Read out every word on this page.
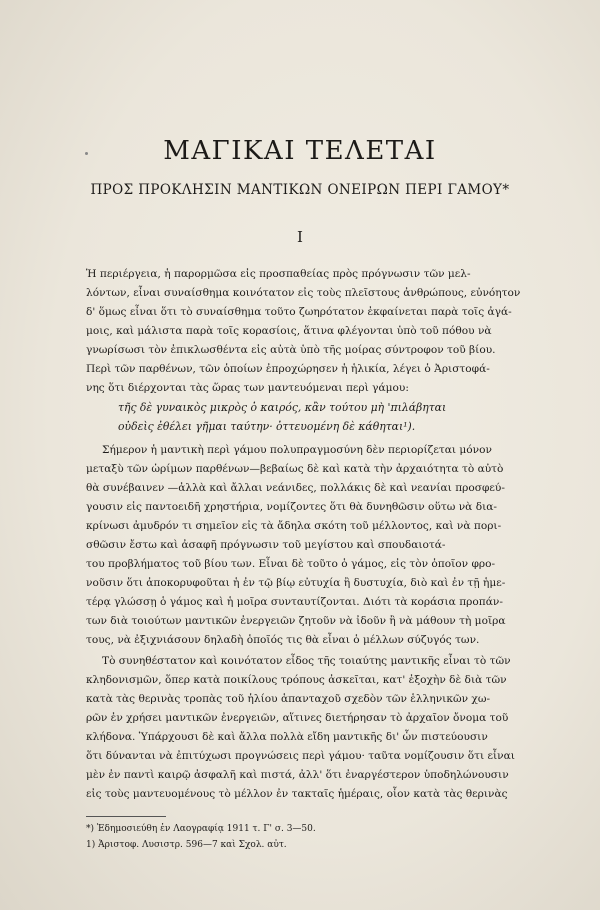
ΜΑΓΙΚΑΙ ΤΕΛΕΤΑΙ
ΠΡΟΣ ΠΡΟΚΛΗΣΙΝ ΜΑΝΤΙΚΩΝ ΟΝΕΙΡΩΝ ΠΕΡΙ ΓΑΜΟΥ*
I
Ἡ περιέργεια, ἡ παρορμῶσα εἰς προσπαθείας πρὸς πρόγνωσιν τῶν μελ-
λόντων, εἶναι συναίσθημα κοινότατον εἰς τοὺς πλεῖστους ἀνθρώπους, εὐνόητον
δ' ὅμως εἶναι ὅτι τὸ συναίσθημα τοῦτο ζωηρότατον ἐκφαίνεται παρὰ τοῖς ἀγά-
μοις, καὶ μάλιστα παρὰ τοῖς κορασίοις, ἅτινα φλέγονται ὑπὸ τοῦ πόθου νὰ
γνωρίσωσι τὸν ἐπικλωσθέντα εἰς αὐτὰ ὑπὸ τῆς μοίρας σύντροφον τοῦ βίου.
Περὶ τῶν παρθένων, τῶν ὁποίων ἐπροχώρησεν ἡ ἡλικία, λέγει ὁ Ἀριστοφά-
νης ὅτι διέρχονται τὰς ὥρας των μαντευόμεναι περὶ γάμου:
τῆς δὲ γυναικὸς μικρὸς ὁ καιρός, κἂν τούτου μὴ 'πιλάβηται
οὐδεὶς ἐθέλει γῆμαι ταύτην· ὀττευομένη δὲ κάθηται¹).
Σήμερον ἡ μαντικὴ περὶ γάμου πολυπραγμοσύνη δὲν περιορίζεται μόνον
μεταξὺ τῶν ὡρίμων παρθένων—βεβαίως δὲ καὶ κατὰ τὴν ἀρχαιότητα τὸ αὐτὸ
θὰ συνέβαινεν —ἀλλὰ καὶ ἄλλαι νεάνιδες, πολλάκις δὲ καὶ νεανίαι προσφεύ-
γουσιν εἰς παντοειδῆ χρηστήρια, νομίζοντες ὅτι θὰ δυνηθῶσιν οὕτω νὰ δια-
κρίνωσι ἀμυδρόν τι σημεῖον εἰς τὰ ἄδηλα σκότη τοῦ μέλλοντος, καὶ νὰ πορι-
σθῶσιν ἔστω καὶ ἀσαφῆ πρόγνωσιν τοῦ μεγίστου καὶ σπουδαιοτά-
του προβλήματος τοῦ βίου των. Εἶναι δὲ τοῦτο ὁ γάμος, εἰς τὸν ὁποῖον φρο-
νοῦσιν ὅτι ἀποκορυφοῦται ἡ ἐν τῷ βίῳ εὐτυχία ἢ δυστυχία, διὸ καὶ ἐν τῇ ἡμε-
τέρᾳ γλώσσῃ ὁ γάμος καὶ ἡ μοῖρα συνταυτίζονται. Διότι τὰ κοράσια προπάν-
των διὰ τοιούτων μαντικῶν ἐνεργειῶν ζητοῦν νὰ ἰδοῦν ἢ νὰ μάθουν τὴ μοῖρα
τους, νὰ ἐξιχνιάσουν δηλαδὴ ὁποῖός τις θὰ εἶναι ὁ μέλλων σύζυγός των.
Τὸ συνηθέστατον καὶ κοινότατον εἶδος τῆς τοιαύτης μαντικῆς εἶναι τὸ τῶν
κληδονισμῶν, ὅπερ κατὰ ποικίλους τρόπους ἀσκεῖται, κατ' ἐξοχὴν δὲ διὰ τῶν
κατὰ τὰς θερινὰς τροπὰς τοῦ ἡλίου ἁπανταχοῦ σχεδὸν τῶν ἑλληνικῶν χω-
ρῶν ἐν χρήσει μαντικῶν ἐνεργειῶν, αἵτινες διετήρησαν τὸ ἀρχαῖον ὄνομα τοῦ
κλήδονα. Ὑπάρχουσι δὲ καὶ ἄλλα πολλὰ εἴδη μαντικῆς δι' ὧν πιστεύουσιν
ὅτι δύνανται νὰ ἐπιτύχωσι προγνώσεις περὶ γάμου· ταῦτα νομίζουσιν ὅτι εἶναι
μὲν ἐν παντὶ καιρῷ ἀσφαλῆ καὶ πιστά, ἀλλ' ὅτι ἐναργέστερον ὑποδηλώνουσιν
εἰς τοὺς μαντευομένους τὸ μέλλον ἐν τακταῖς ἡμέραις, οἷον κατὰ τὰς θερινὰς
*) Ἐδημοσιεύθη ἐν Λαογραφίᾳ 1911 τ. Γ' σ. 3—50.
1) Ἀριστοφ. Λυσιστρ. 596—7 καὶ Σχολ. αὐτ.
